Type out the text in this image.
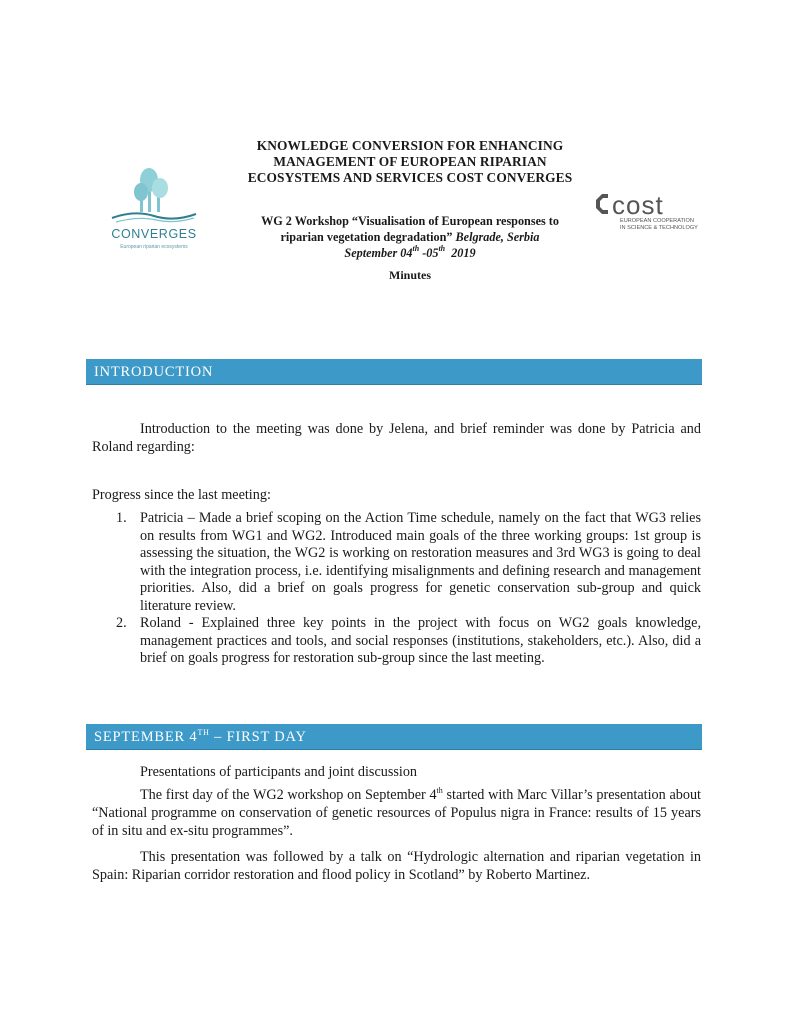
CONVERGES
European riparian ecosystems
cost
EUROPEAN COOPERATION
IN SCIENCE & TECHNOLOGY
KNOWLEDGE CONVERSION FOR ENHANCING
MANAGEMENT OF EUROPEAN RIPARIAN
ECOSYSTEMS AND SERVICES COST CONVERGES
WG 2 Workshop “Visualisation of European responses to
riparian vegetation degradation” Belgrade, Serbia
September 04th -05th  2019
Minutes
INTRODUCTION
Introduction to the meeting was done by Jelena, and brief reminder was done by Patricia and Roland regarding:
Progress since the last meeting:
1. Patricia – Made a brief scoping on the Action Time schedule, namely on the fact that WG3 relies on results from WG1 and WG2. Introduced main goals of the three working groups: 1st group is assessing the situation, the WG2 is working on restoration measures and 3rd WG3 is going to deal with the integration process, i.e. identifying misalignments and defining research and management priorities. Also, did a brief on goals progress for genetic conservation sub-group and quick literature review.
2. Roland - Explained three key points in the project with focus on WG2 goals knowledge, management practices and tools, and social responses (institutions, stakeholders, etc.). Also, did a brief on goals progress for restoration sub-group since the last meeting.
SEPTEMBER 4TH – FIRST DAY
Presentations of participants and joint discussion
The first day of the WG2 workshop on September 4th started with Marc Villar’s presentation about “National programme on conservation of genetic resources of Populus nigra in France: results of 15 years of in situ and ex-situ programmes”.
This presentation was followed by a talk on “Hydrologic alternation and riparian vegetation in Spain: Riparian corridor restoration and flood policy in Scotland” by Roberto Martinez.
